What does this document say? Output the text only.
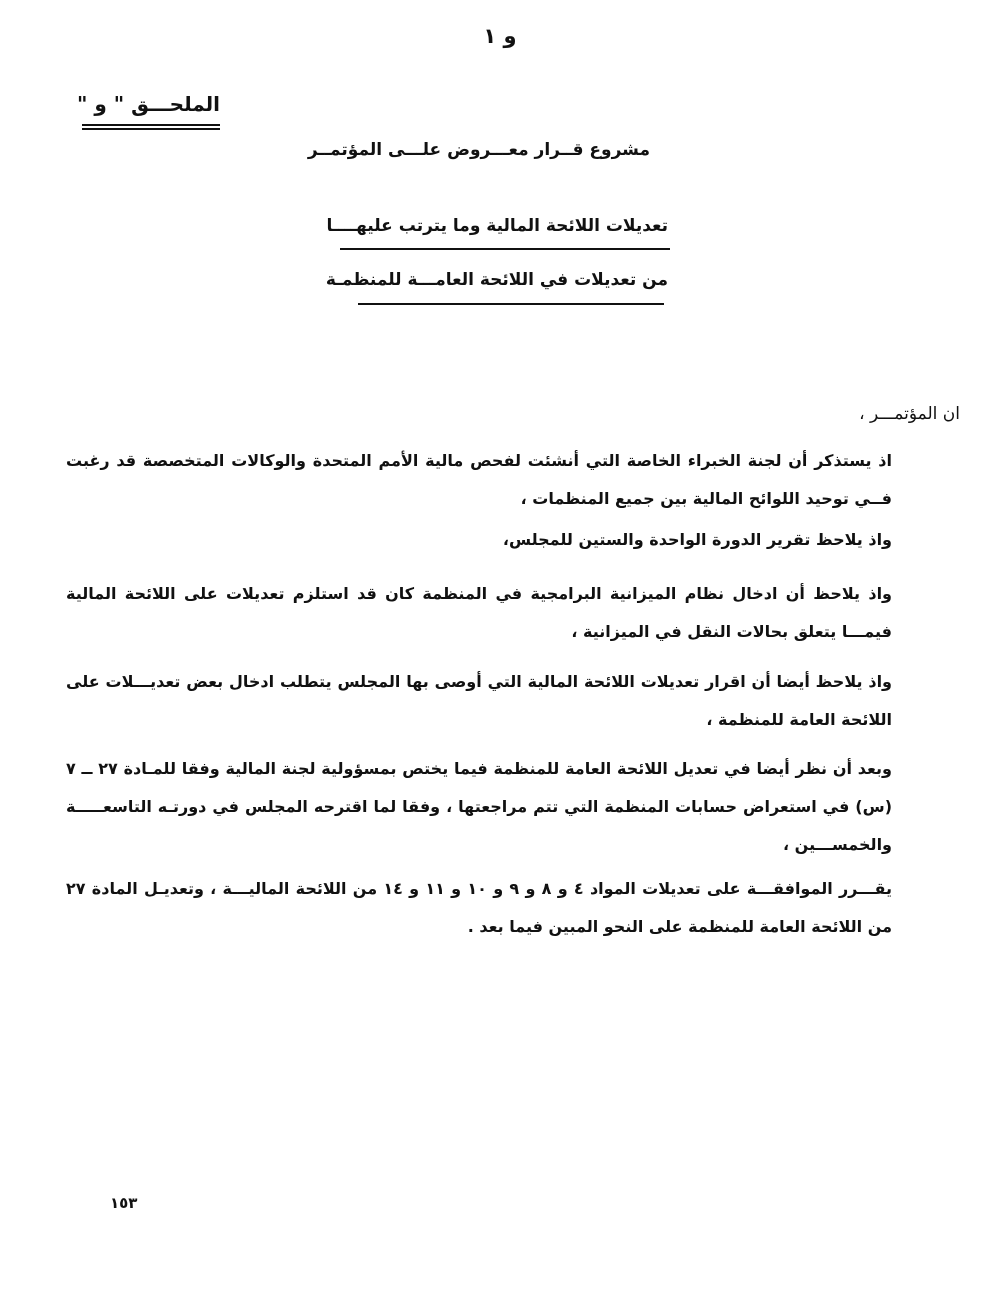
و ١
الملحـــق " و "
مشروع قــرار معـــروض علـــى المؤتمــر
تعديلات اللائحة المالية وما يترتب عليهــــا
من تعديلات في اللائحة العامـــة للمنظمـة
ان المؤتمـــر ،
اذ يستذكر أن لجنة الخبراء الخاصة التي أنشئت لفحص مالية الأمم المتحدة والوكالات المتخصصة قد رغبت فــي توحيد اللوائح المالية بين جميع المنظمات ،
واذ يلاحظ تقرير الدورة الواحدة والستين للمجلس،
واذ يلاحظ أن ادخال نظام الميزانية البرامجية في المنظمة كان قد استلزم تعديلات على اللائحة المالية فيمـــا يتعلق بحالات النقل في الميزانية ،
واذ يلاحظ أيضا أن اقرار تعديلات اللائحة المالية التي أوصى بها المجلس يتطلب ادخال بعض تعديـــلات على اللائحة العامة للمنظمة ،
وبعد أن نظر أيضا في تعديل اللائحة العامة للمنظمة فيما يختص بمسؤولية لجنة المالية وفقا للمـادة ٢٧ ــ ٧ (س) في استعراض حسابات المنظمة التي تتم مراجعتها ، وفقا لما اقترحه المجلس في دورتـه التاسعـــــة والخمســـين ،
يقـــرر الموافقـــة على تعديلات المواد ٤ و ٨ و ٩ و ١٠ و ١١ و ١٤ من اللائحة الماليـــة ، وتعديـل المادة ٢٧ من اللائحة العامة للمنظمة على النحو المبين فيما بعد .
١٥٣
